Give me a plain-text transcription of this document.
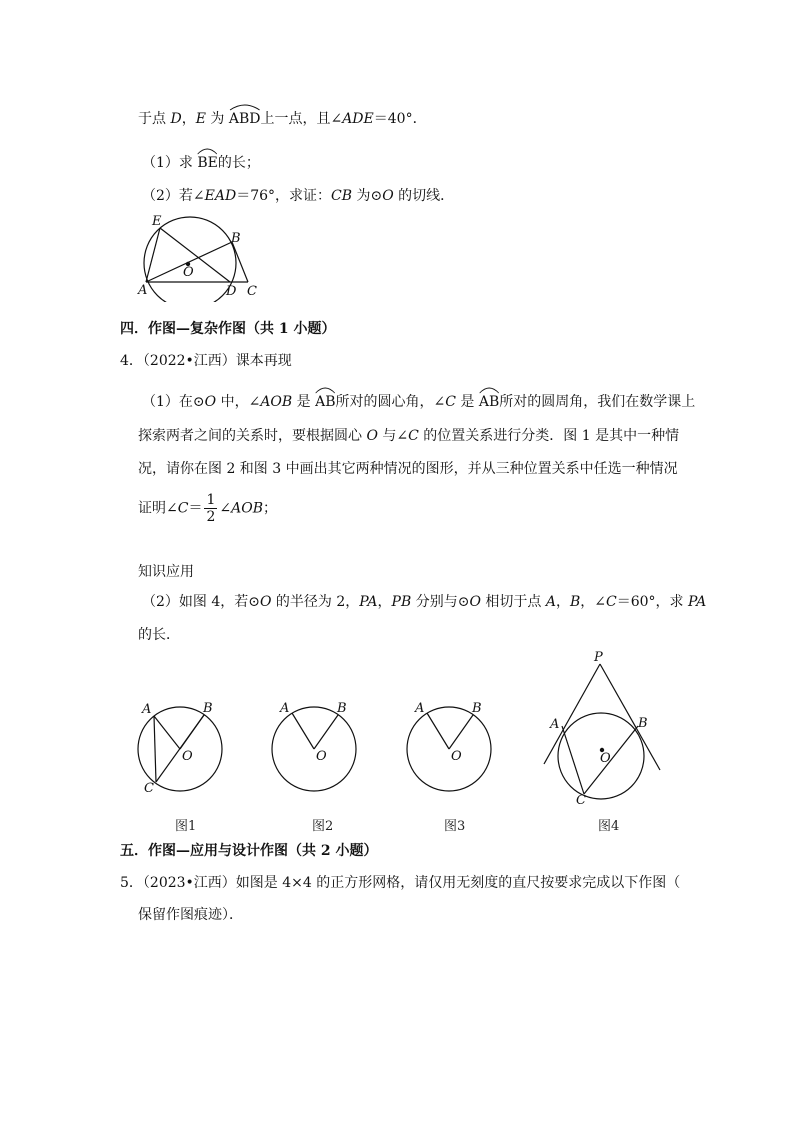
于点 D，E 为
ABD上一点，且∠ADE＝40°．
（1）求
BE的长；
（2）若∠EAD＝76°，求证：CB 为⊙O 的切线．
E
B
O
A	D C
四．作图—复杂作图（共 1 小题）
4．（2022•江西）课本再现
（1）在⊙O 中，∠AOB 是
AB所对的圆心角，∠C 是
AB所对的圆周角，我们在数学课上
探索两者之间的关系时，要根据圆心 O 与∠C 的位置关系进行分类．图 1 是其中一种情
况，请你在图 2 和图 3 中画出其它两种情况的图形，并从三种位置关系中任选一种情况
证明∠C＝ $\frac{1}{2}$ ∠AOB；
知识应用
（2）如图 4，若⊙O 的半径为 2，PA，PB 分别与⊙O 相切于点 A，B，∠C＝60°，求 PA
的长．
A	B
O
C
图1
A	B
O
图2
A	B
O
图3
P
A	B
O
C
图4
五．作图—应用与设计作图（共 2 小题）
5．（2023•江西）如图是 4×4 的正方形网格，请仅用无刻度的直尺按要求完成以下作图（
保留作图痕迹）．
